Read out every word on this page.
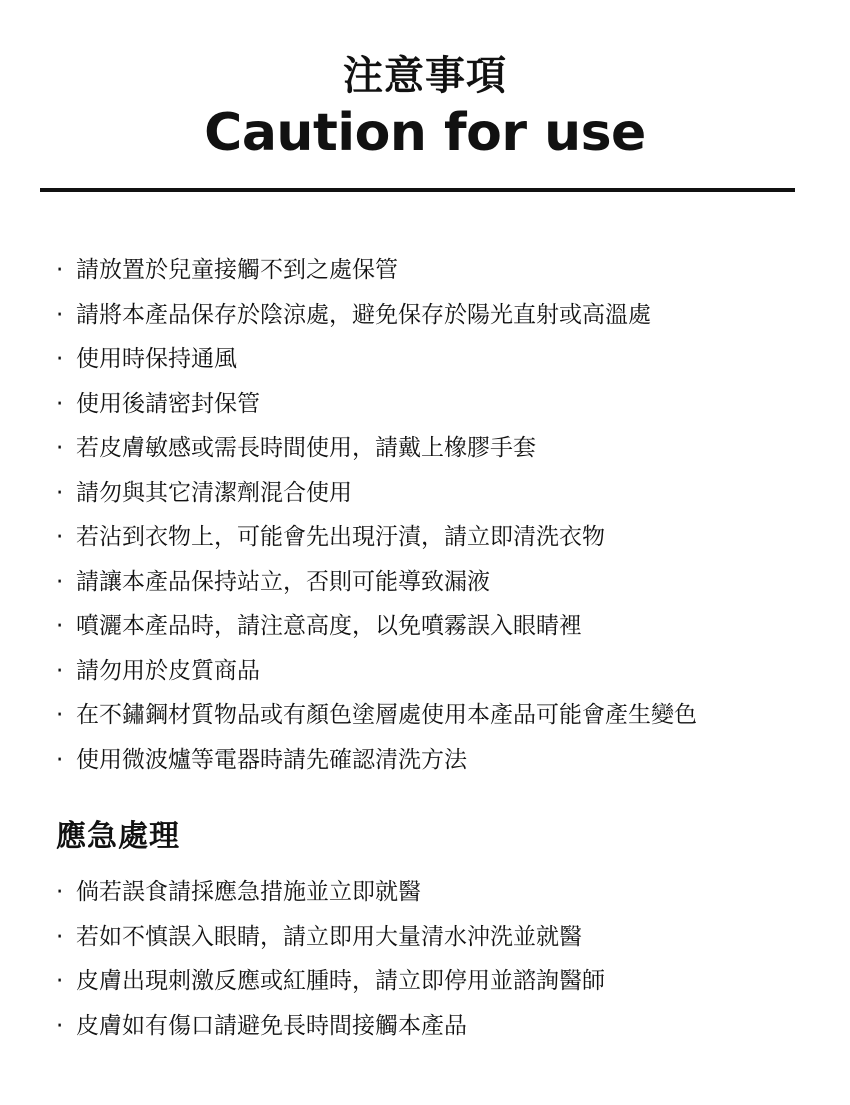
注意事項
Caution for use
· 請放置於兒童接觸不到之處保管
· 請將本產品保存於陰涼處，避免保存於陽光直射或高溫處
· 使用時保持通風
· 使用後請密封保管
· 若皮膚敏感或需長時間使用，請戴上橡膠手套
· 請勿與其它清潔劑混合使用
· 若沾到衣物上，可能會先出現汙漬，請立即清洗衣物
· 請讓本產品保持站立，否則可能導致漏液
· 噴灑本產品時，請注意高度，以免噴霧誤入眼睛裡
· 請勿用於皮質商品
· 在不鏽鋼材質物品或有顏色塗層處使用本產品可能會產生變色
· 使用微波爐等電器時請先確認清洗方法
應急處理
· 倘若誤食請採應急措施並立即就醫
· 若如不慎誤入眼睛，請立即用大量清水沖洗並就醫
· 皮膚出現刺激反應或紅腫時，請立即停用並諮詢醫師
· 皮膚如有傷口請避免長時間接觸本產品
